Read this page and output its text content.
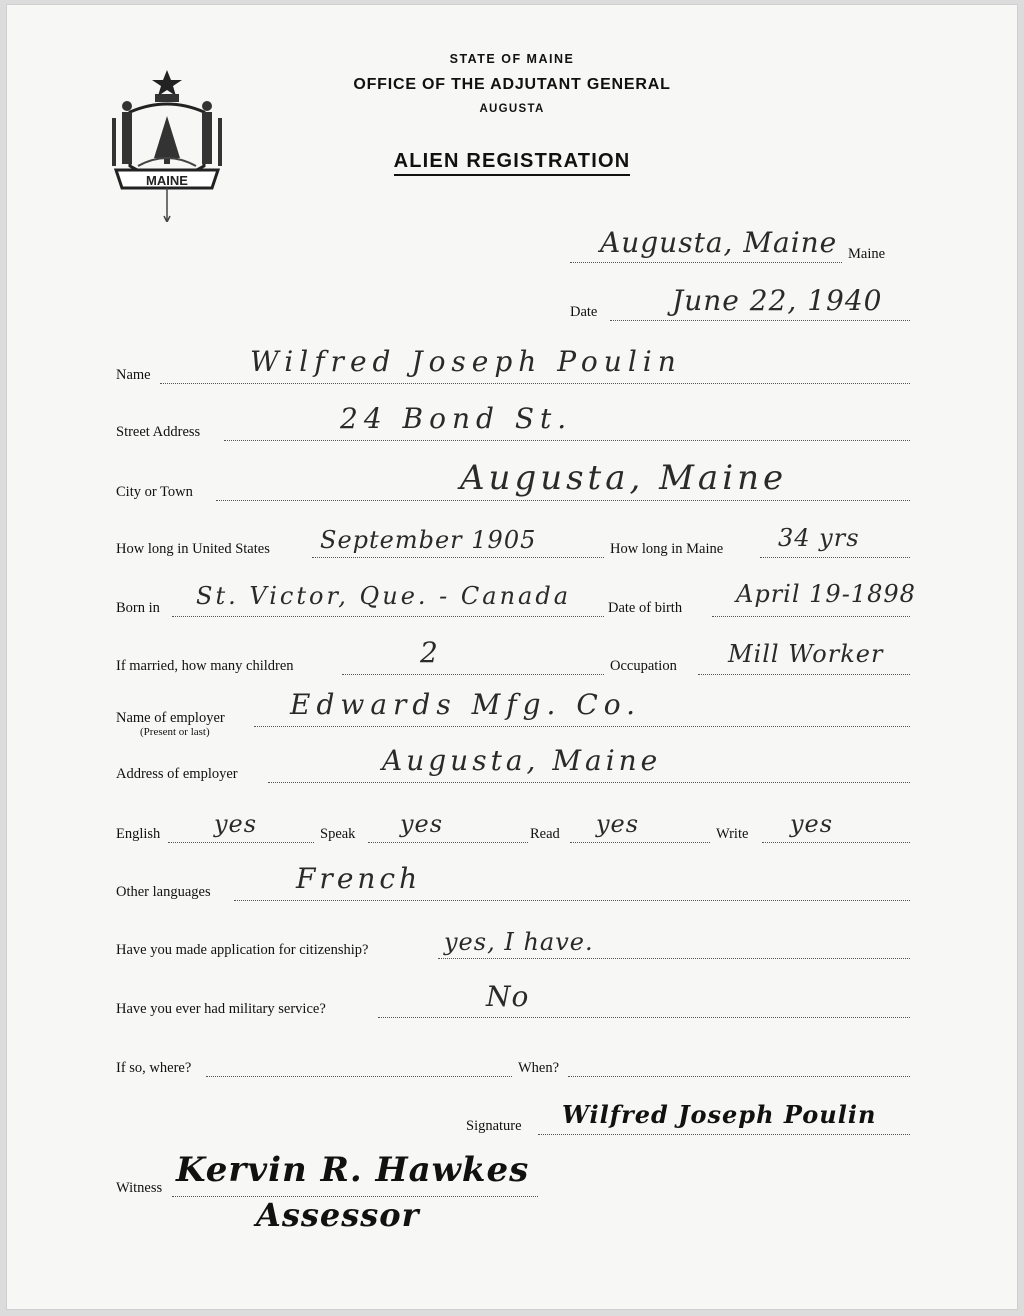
MAINE
STATE OF MAINE
OFFICE OF THE ADJUTANT GENERAL
AUGUSTA
ALIEN REGISTRATION
Augusta, Maine Maine
Date	June 22, 1940
Name	Wilfred Joseph Poulin
Street Address	24 Bond St.
City or Town	Augusta, Maine
How long in United States September 1905	How long in Maine 34 yrs
Born in St. Victor, Que. - Canada	Date of birth April 19-1898
If married, how many children	2	Occupation Mill Worker
Name of employer
(Present or last)
Edwards Mfg. Co.
Address of employer	Augusta, Maine
English yes	Speak yes	Read yes	Write yes
Other languages	French
Have you made application for citizenship?	yes, I have.
Have you ever had military service?	No
If so, where?	When?
Signature Wilfred Joseph Poulin
Witness Kervin R. Hawkes
Assessor
